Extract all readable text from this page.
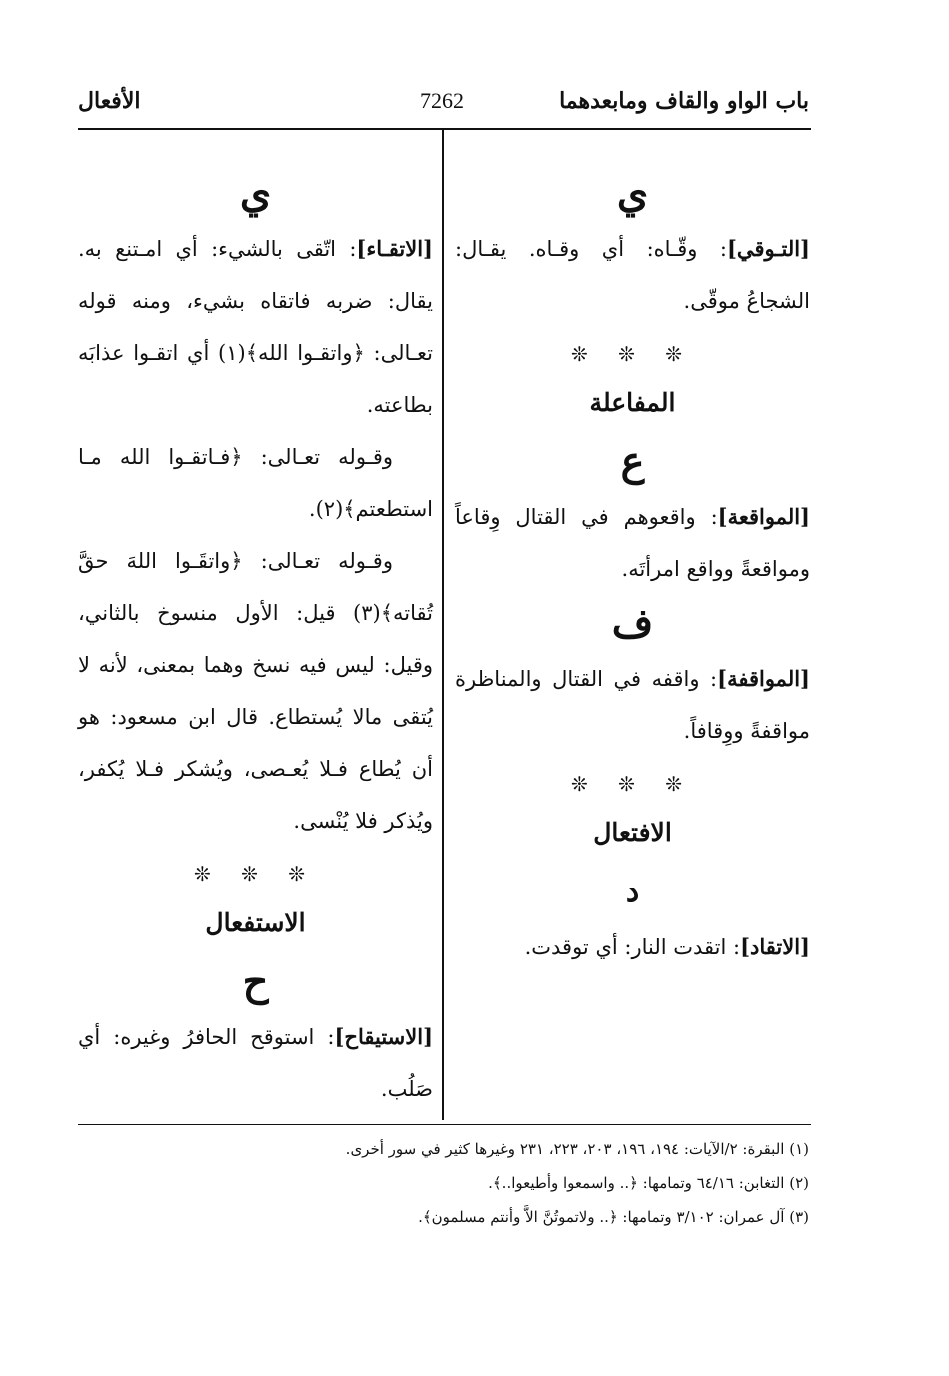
باب الواو والقاف ومابعدهما
7262
الأفعال
ي

[التـوقي]: وقّـاه: أي وقـاه. يقـال: الشجاعُ موقّى.

❊ ❊ ❊
المفاعلة
ع

[المواقعة]: واقعوهم في القتال وِقاعاً ومواقعةً وواقع امرأتَه.

ف

[المواقفة]: واقفه في القتال والمناظرة مواقفةً ووِقافاً.

❊ ❊ ❊
الافتعال
د

[الاتقاد]: اتقدت النار: أي توقدت.

ي

[الاتقـاء]: اتّقى بالشيء: أي امـتنع به. يقال: ضربه فاتقاه بشيء، ومنه قوله تعـالى: ﴿واتقـوا الله﴾(١) أي اتقـوا عذابَه بطاعته.

وقـوله تعـالى: ﴿فـاتقـوا الله مـا استطعتم﴾(٢).

وقـوله تعـالى: ﴿واتقَـوا اللهَ حقَّ تُقاته﴾(٣) قيل: الأول منسوخ بالثاني، وقيل: ليس فيه نسخ وهما بمعنى، لأنه لا يُتقى مالا يُستطاع. قال ابن مسعود: هو أن يُطاع فـلا يُعـصى، ويُشكر فـلا يُكفر، ويُذكر فلا يُنْسى.

❊ ❊ ❊
الاستفعال
ح

[الاستيقاح]: استوقح الحافرُ وغيره: أي صَلُب.

(١) البقرة: ٢/الآيات: ١٩٤، ١٩٦، ٢٠٣، ٢٢٣، ٢٣١ وغيرها كثير في سور أخرى.
(٢) التغابن: ٦٤/١٦ وتمامها: ﴿.. واسمعوا وأطيعوا..﴾.
(٣) آل عمران: ٣/١٠٢ وتمامها: ﴿.. ولاتموتُنَّ الاَّ وأنتم مسلمون﴾.
